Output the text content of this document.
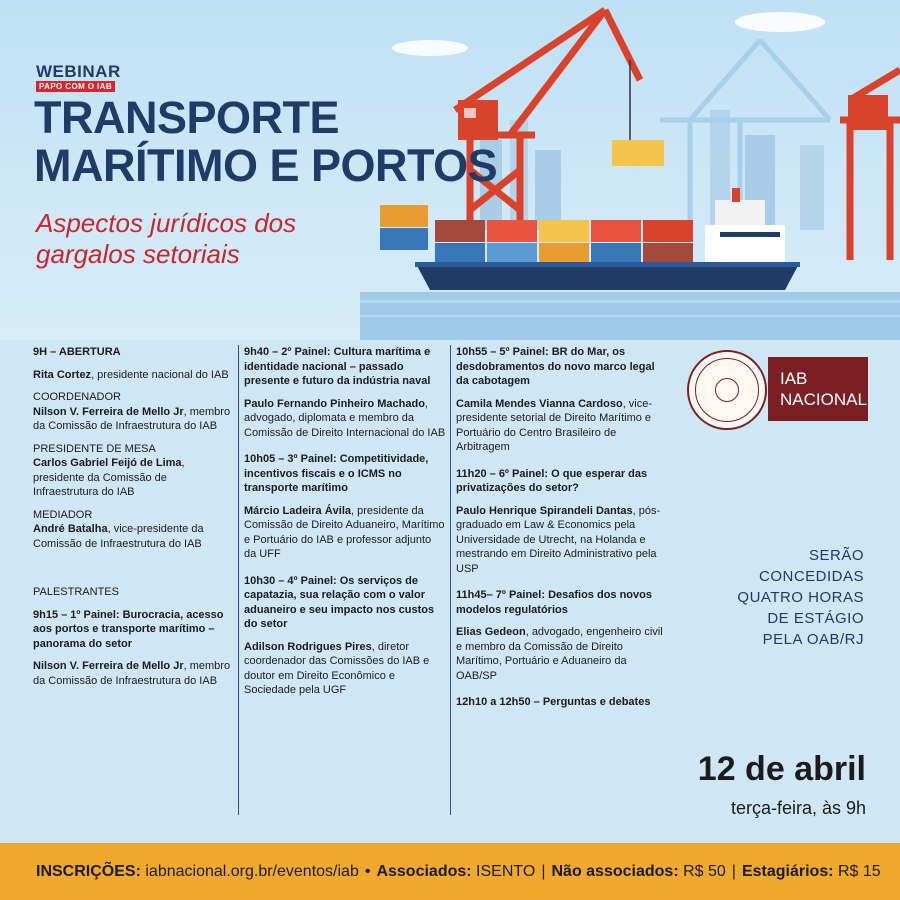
WEBINAR
PAPO COM O IAB
TRANSPORTE
MARÍTIMO E PORTOS
Aspectos jurídicos dos
gargalos setoriais

9H – ABERTURA

Rita Cortez, presidente nacional do IAB

COORDENADOR
Nilson V. Ferreira de Mello Jr, membro da Comissão de Infraestrutura do IAB

PRESIDENTE DE MESA
Carlos Gabriel Feijó de Lima, presidente da Comissão de Infraestrutura do IAB

MEDIADOR
André Batalha, vice-presidente da Comissão de Infraestrutura do IAB

PALESTRANTES

9h15 – 1º Painel: Burocracia, acesso aos portos e transporte marítimo – panorama do setor

Nilson V. Ferreira de Mello Jr, membro da Comissão de Infraestrutura do IAB

9h40 – 2º Painel: Cultura marítima e identidade nacional – passado presente e futuro da indústria naval

Paulo Fernando Pinheiro Machado, advogado, diplomata e membro da Comissão de Direito Internacional do IAB

10h05 – 3º Painel: Competitividade, incentivos fiscais e o ICMS no transporte marítimo

Márcio Ladeira Ávila, presidente da Comissão de Direito Aduaneiro, Marítimo e Portuário do IAB e professor adjunto da UFF

10h30 – 4º Painel: Os serviços de capatazia, sua relação com o valor aduaneiro e seu impacto nos custos do setor

Adilson Rodrigues Pires, diretor coordenador das Comissões do IAB e doutor em Direito Econômico e Sociedade pela UGF

10h55 – 5º Painel: BR do Mar, os desdobramentos do novo marco legal da cabotagem

Camila Mendes Vianna Cardoso, vice-presidente setorial de Direito Marítimo e Portuário do Centro Brasileiro de Arbitragem

11h20 – 6º Painel: O que esperar das privatizações do setor?

Paulo Henrique Spirandeli Dantas, pós-graduado em Law & Economics pela Universidade de Utrecht, na Holanda e mestrando em Direito Administrativo pela USP

11h45– 7º Painel: Desafios dos novos modelos regulatórios

Elias Gedeon, advogado, engenheiro civil e membro da Comissão de Direito Marítimo, Portuário e Aduaneiro da OAB/SP

12h10 a 12h50 – Perguntas e debates

IAB
NACIONAL
SERÃO
CONCEDIDAS
QUATRO HORAS
DE ESTÁGIO
PELA OAB/RJ
12 de abril
terça-feira, às 9h
INSCRIÇÕES:
iabnacional.org.br/eventos/iab • Associados:
ISENTO | Não associados:
R$ 50 | Estagiários:
R$ 15
